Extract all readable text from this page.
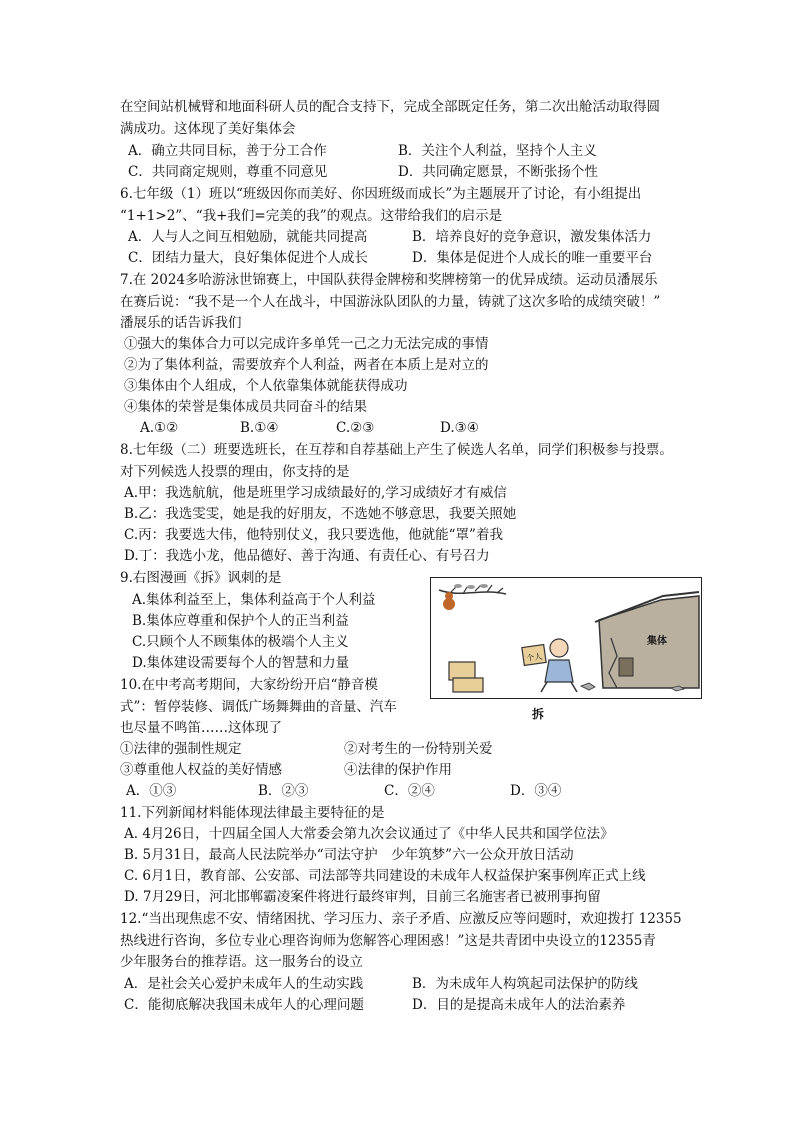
在空间站机械臂和地面科研人员的配合支持下，完成全部既定任务，第二次出舱活动取得圆
满成功。这体现了美好集体会
A．确立共同目标，善于分工合作	B．关注个人利益，坚持个人主义
C．共同商定规则，尊重不同意见	D．共同确定愿景，不断张扬个性
6.七年级（1）班以“班级因你而美好、你因班级而成长”为主题展开了讨论，有小组提出
“1+1>2”、“我+我们=完美的我”的观点。这带给我们的启示是
A．人与人之间互相勉励，就能共同提高	B．培养良好的竞争意识，激发集体活力
C．团结力量大，良好集体促进个人成长	D．集体是促进个人成长的唯一重要平台
7.在 2024多哈游泳世锦赛上，中国队获得金牌榜和奖牌榜第一的优异成绩。运动员潘展乐
在赛后说：“我不是一个人在战斗，中国游泳队团队的力量，铸就了这次多哈的成绩突破！”
潘展乐的话告诉我们
①强大的集体合力可以完成许多单凭一己之力无法完成的事情
②为了集体利益，需要放弃个人利益，两者在本质上是对立的
③集体由个人组成，个人依靠集体就能获得成功
④集体的荣誉是集体成员共同奋斗的结果
A.①②	B.①④	C.②③	D.③④
8.七年级（二）班要选班长，在互荐和自荐基础上产生了候选人名单，同学们积极参与投票。
对下列候选人投票的理由，你支持的是
A.甲：我选航航，他是班里学习成绩最好的,学习成绩好才有威信
B.乙：我选雯雯，她是我的好朋友，不选她不够意思，我要关照她
C.丙：我要选大伟，他特别仗义，我只要选他，他就能“罩”着我
D.丁：我选小龙，他品德好、善于沟通、有责任心、有号召力
9.右图漫画《拆》讽刺的是
A.集体利益至上，集体利益高于个人利益
B.集体应尊重和保护个人的正当利益
C.只顾个人不顾集体的极端个人主义
D.集体建设需要每个人的智慧和力量
集体
个人
拆
10.在中考高考期间，大家纷纷开启“静音模
式”：暂停装修、调低广场舞舞曲的音量、汽车
也尽量不鸣笛……这体现了
①法律的强制性规定	②对考生的一份特别关爱
③尊重他人权益的美好情感	④法律的保护作用
A．①③	B．②③	C．②④	D．③④
11.下列新闻材料能体现法律最主要特征的是
A. 4月26日，十四届全国人大常委会第九次会议通过了《中华人民共和国学位法》
B. 5月31日，最高人民法院举办“司法守护　少年筑梦”六一公众开放日活动
C. 6月1日，教育部、公安部、司法部等共同建设的未成年人权益保护案事例库正式上线
D. 7月29日，河北邯郸霸凌案件将进行最终审判，目前三名施害者已被刑事拘留
12.“当出现焦虑不安、情绪困扰、学习压力、亲子矛盾、应激反应等问题时，欢迎拨打 12355
热线进行咨询，多位专业心理咨询师为您解答心理困惑！”这是共青团中央设立的12355青
少年服务台的推荐语。这一服务台的设立
A．是社会关心爱护未成年人的生动实践	B．为未成年人构筑起司法保护的防线
C．能彻底解决我国未成年人的心理问题	D．目的是提高未成年人的法治素养
